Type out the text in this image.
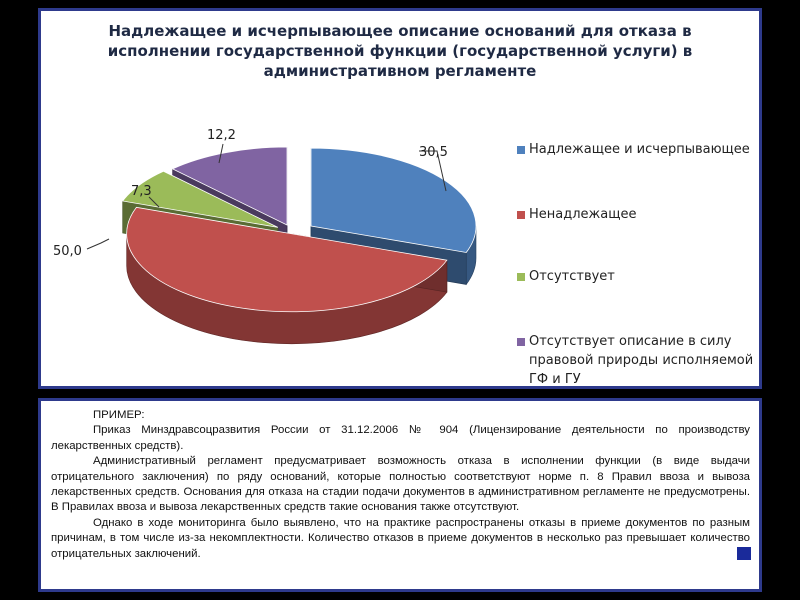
Надлежащее и исчерпывающее описание оснований для отказа в
исполнении государственной функции (государственной услуги) в
административном регламенте
30,5
50,0
7,3
12,2
Надлежащее и исчерпывающее
Ненадлежащее
Отсутствует
Отсутствует описание в силу
правовой природы исполняемой
ГФ и ГУ

ПРИМЕР:

Приказ Минздравсоцразвития России от 31.12.2006 № 904 (Лицензирование деятельности по производству лекарственных средств).

Административный регламент предусматривает возможность отказа в исполнении функции (в виде выдачи отрицательного заключения) по ряду оснований, которые полностью соответствуют норме п. 8 Правил ввоза и вывоза лекарственных средств. Основания для отказа на стадии подачи документов в административном регламенте не предусмотрены. В Правилах ввоза и вывоза лекарственных средств такие основания также отсутствуют.

Однако в ходе мониторинга было выявлено, что на практике распространены отказы в приеме документов по разным причинам, в том числе из-за некомплектности. Количество отказов в приеме документов в несколько раз превышает количество отрицательных заключений.
